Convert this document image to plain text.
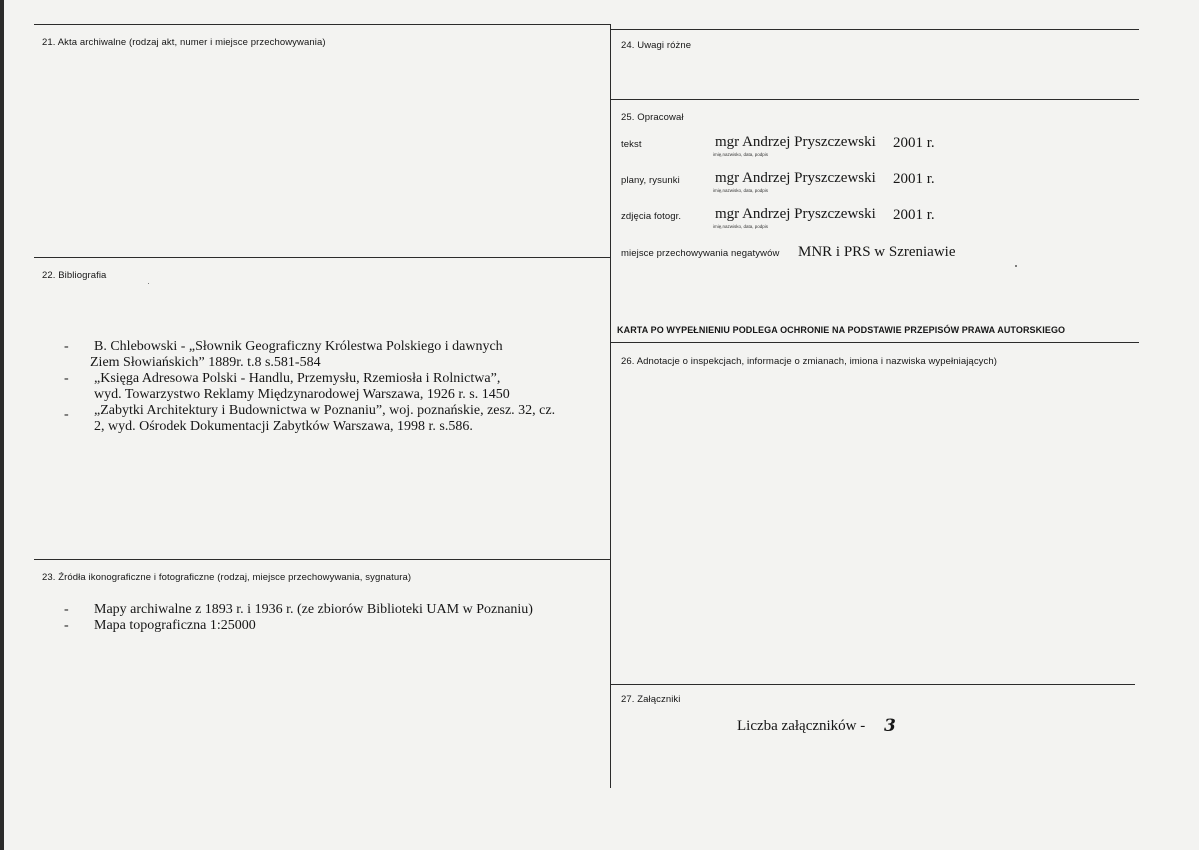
21. Akta archiwalne (rodzaj akt, numer i miejsce przechowywania)
22. Bibliografia
- B. Chlebowski - „Słownik Geograficzny Królestwa Polskiego i dawnych
Ziem Słowiańskich” 1889r. t.8 s.581-584
- „Księga Adresowa Polski - Handlu, Przemysłu, Rzemiosła i Rolnictwa”,
wyd. Towarzystwo Reklamy Międzynarodowej Warszawa, 1926 r. s. 1450
- „Zabytki Architektury i Budownictwa w Poznaniu”, woj. poznańskie, zesz. 32, cz.
2, wyd. Ośrodek Dokumentacji Zabytków Warszawa, 1998 r. s.586.
23. Źródła ikonograficzne i fotograficzne (rodzaj, miejsce przechowywania, sygnatura)
- Mapy archiwalne z 1893 r. i 1936 r. (ze zbiorów Biblioteki UAM w Poznaniu)
- Mapa topograficzna 1:25000
24. Uwagi różne
25. Opracował
tekst	mgr Andrzej Pryszczewski 2001 r.
imię,nazwisko, data, podpis
plany, rysunki mgr Andrzej Pryszczewski 2001 r.
imię,nazwisko, data, podpis
zdjęcia fotogr. mgr Andrzej Pryszczewski 2001 r.
imię,nazwisko, data, podpis
miejsce przechowywania negatywów MNR i PRS w Szreniawie
KARTA PO WYPEŁNIENIU PODLEGA OCHRONIE NA PODSTAWIE PRZEPISÓW PRAWA AUTORSKIEGO
26. Adnotacje o inspekcjach, informacje o zmianach, imiona i nazwiska wypełniających)
27. Załączniki
Liczba załączników - 3
